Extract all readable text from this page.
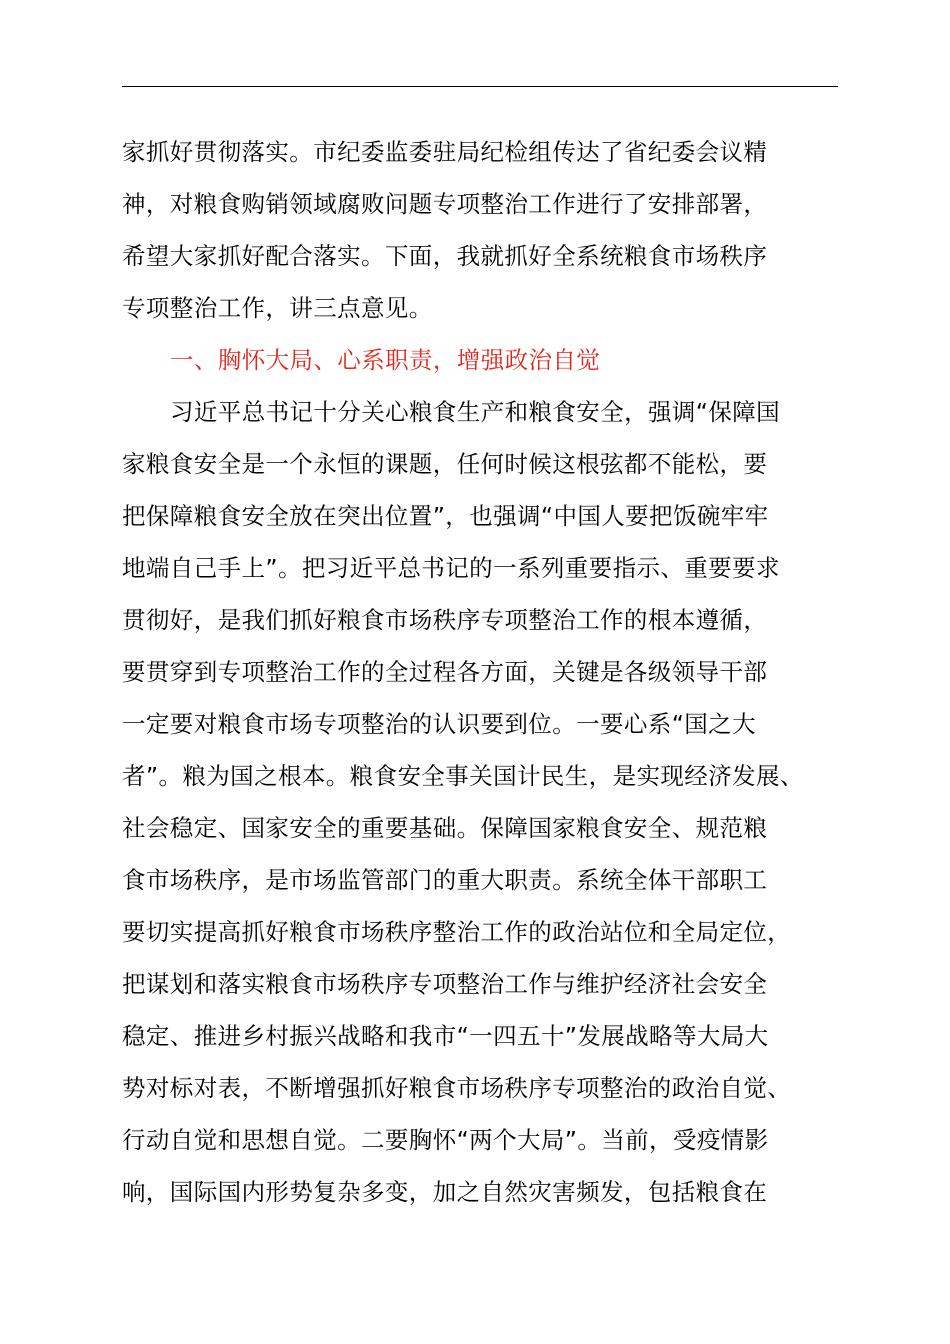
家抓好贯彻落实。市纪委监委驻局纪检组传达了省纪委会议精
神，对粮食购销领域腐败问题专项整治工作进行了安排部署，
希望大家抓好配合落实。下面，我就抓好全系统粮食市场秩序
专项整治工作，讲三点意见。
一、胸怀大局、心系职责，增强政治自觉
习近平总书记十分关心粮食生产和粮食安全，强调“保障国
家粮食安全是一个永恒的课题，任何时候这根弦都不能松，要
把保障粮食安全放在突出位置”，也强调“中国人要把饭碗牢牢
地端自己手上”。把习近平总书记的一系列重要指示、重要要求
贯彻好，是我们抓好粮食市场秩序专项整治工作的根本遵循，
要贯穿到专项整治工作的全过程各方面，关键是各级领导干部
一定要对粮食市场专项整治的认识要到位。一要心系“国之大
者”。粮为国之根本。粮食安全事关国计民生，是实现经济发展、
社会稳定、国家安全的重要基础。保障国家粮食安全、规范粮
食市场秩序，是市场监管部门的重大职责。系统全体干部职工
要切实提高抓好粮食市场秩序整治工作的政治站位和全局定位，
把谋划和落实粮食市场秩序专项整治工作与维护经济社会安全
稳定、推进乡村振兴战略和我市“一四五十”发展战略等大局大
势对标对表，不断增强抓好粮食市场秩序专项整治的政治自觉、
行动自觉和思想自觉。二要胸怀“两个大局”。当前，受疫情影
响，国际国内形势复杂多变，加之自然灾害频发，包括粮食在
